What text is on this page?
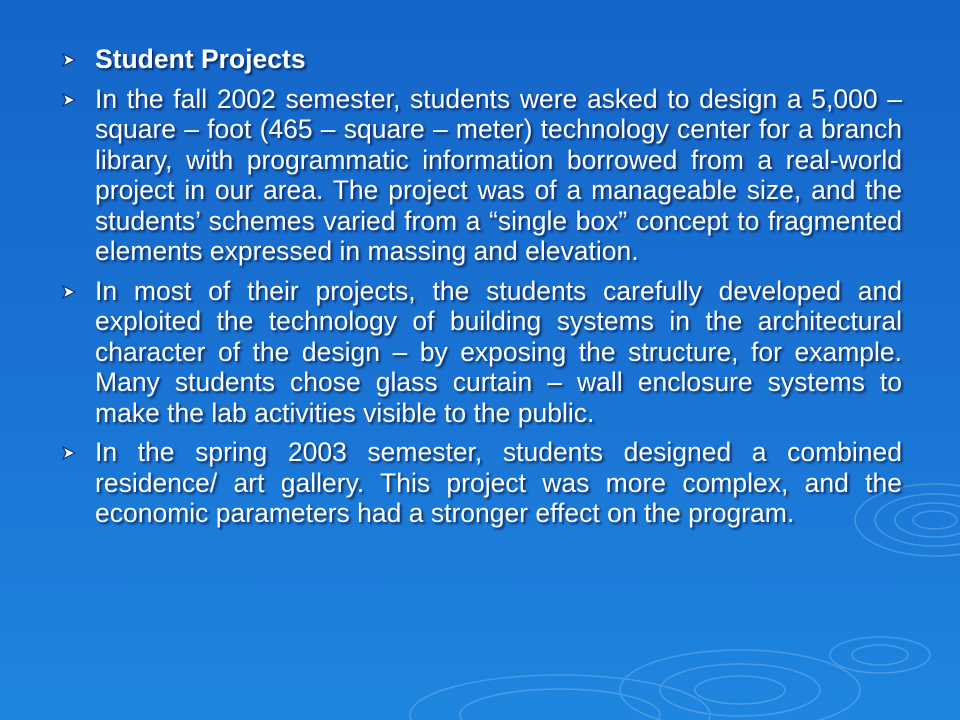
Student Projects
In the fall 2002 semester, students were asked to design a 5,000 – square – foot (465 – square – meter) technology center for a branch library, with programmatic information borrowed from a real-world project in our area. The project was of a manageable size, and the students’ schemes varied from a “single box” concept to fragmented elements expressed in massing and elevation.
In most of their projects, the students carefully developed and exploited the technology of building systems in the architectural character of the design – by exposing the structure, for example. Many students chose glass curtain – wall enclosure systems to make the lab activities visible to the public.
In the spring 2003 semester, students designed a combined residence/ art gallery. This project was more complex, and the economic parameters had a stronger effect on the program.
